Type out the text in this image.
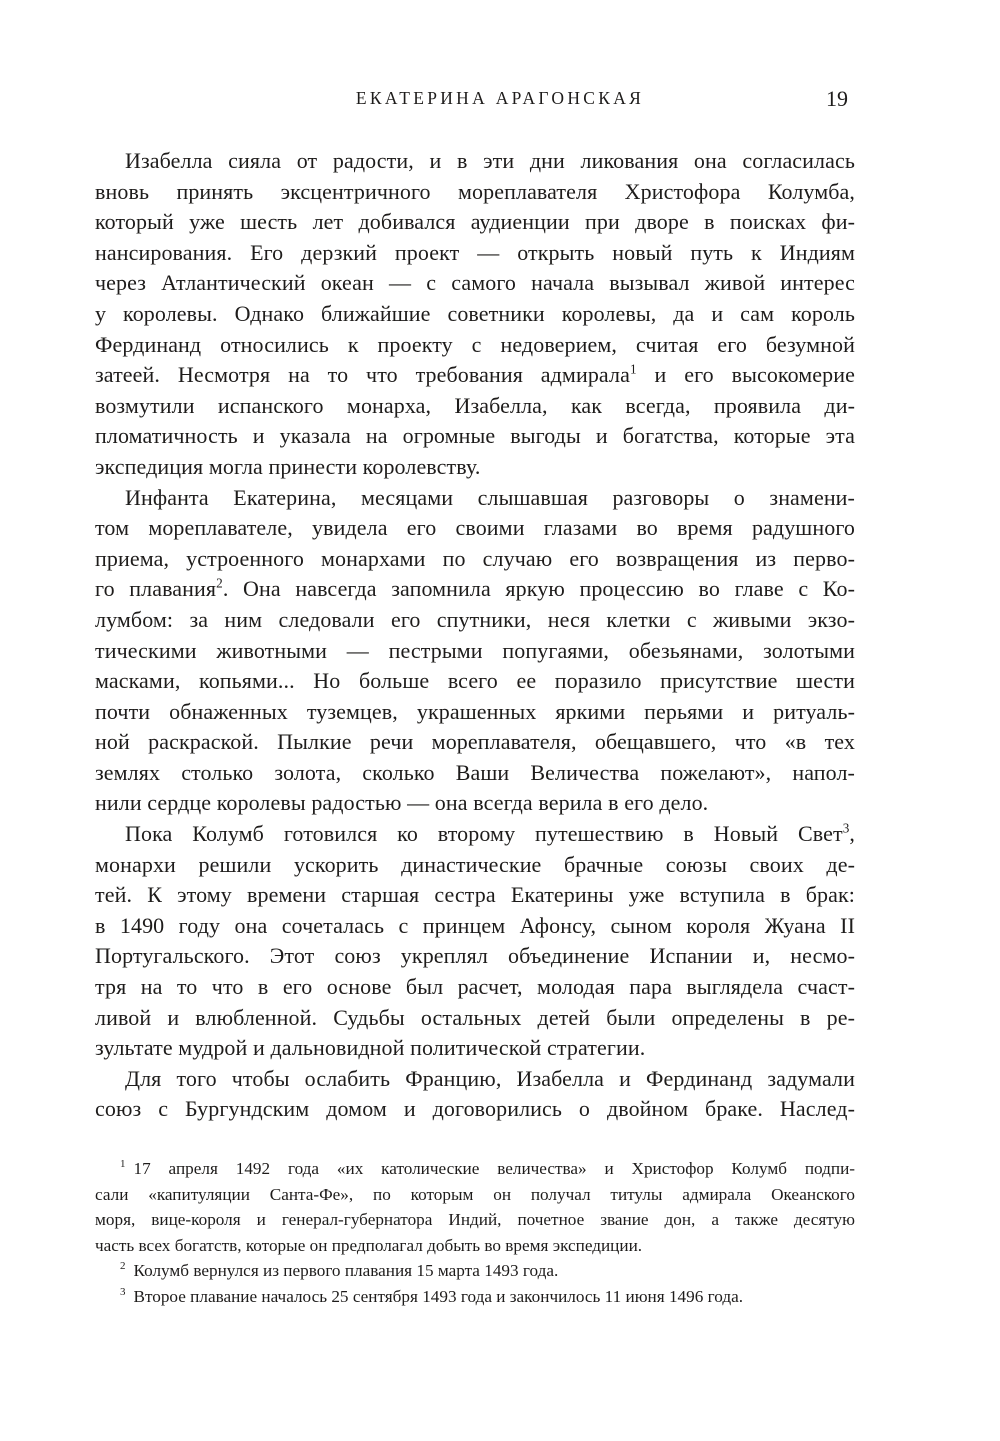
ЕКАТЕРИНА АРАГОНСКАЯ	19
Изабелла сияла от радости, и в эти дни ликования она согласилась
вновь принять эксцентричного мореплавателя Христофора Колумба,
который уже шесть лет добивался аудиенции при дворе в поисках фи-
нансирования. Его дерзкий проект — открыть новый путь к Индиям
через Атлантический океан — с самого начала вызывал живой интерес
у королевы. Однако ближайшие советники королевы, да и сам король
Фердинанд относились к проекту с недоверием, считая его безумной
затеей. Несмотря на то что требования адмирала$^1$ и его высокомерие
возмутили испанского монарха, Изабелла, как всегда, проявила ди-
пломатичность и указала на огромные выгоды и богатства, которые эта
экспедиция могла принести королевству.
Инфанта Екатерина, месяцами слышавшая разговоры о знамени-
том мореплавателе, увидела его своими глазами во время радушного
приема, устроенного монархами по случаю его возвращения из перво-
го плавания$^2$. Она навсегда запомнила яркую процессию во главе с Ко-
лумбом: за ним следовали его спутники, неся клетки с живыми экзо-
тическими животными — пестрыми попугаями, обезьянами, золотыми
масками, копьями... Но больше всего ее поразило присутствие шести
почти обнаженных туземцев, украшенных яркими перьями и ритуаль-
ной раскраской. Пылкие речи мореплавателя, обещавшего, что «в тех
землях столько золота, сколько Ваши Величества пожелают», напол-
нили сердце королевы радостью — она всегда верила в его дело.
Пока Колумб готовился ко второму путешествию в Новый Свет$^3$,
монархи решили ускорить династические брачные союзы своих де-
тей. К этому времени старшая сестра Екатерины уже вступила в брак:
в 1490 году она сочеталась с принцем Афонсу, сыном короля Жуана II
Португальского. Этот союз укреплял объединение Испании и, несмо-
тря на то что в его основе был расчет, молодая пара выглядела счаст-
ливой и влюбленной. Судьбы остальных детей были определены в ре-
зультате мудрой и дальновидной политической стратегии.
Для того чтобы ослабить Францию, Изабелла и Фердинанд задумали
союз с Бургундским домом и договорились о двойном браке. Наслед-
$^1$ 17 апреля 1492 года «их католические величества» и Христофор Колумб подпи-
сали «капитуляции Санта-Фе», по которым он получал титулы адмирала Океанского
моря, вице-короля и генерал-губернатора Индий, почетное звание дон, а также десятую
часть всех богатств, которые он предполагал добыть во время экспедиции.
$^2$ Колумб вернулся из первого плавания 15 марта 1493 года.
$^3$ Второе плавание началось 25 сентября 1493 года и закончилось 11 июня 1496 года.
